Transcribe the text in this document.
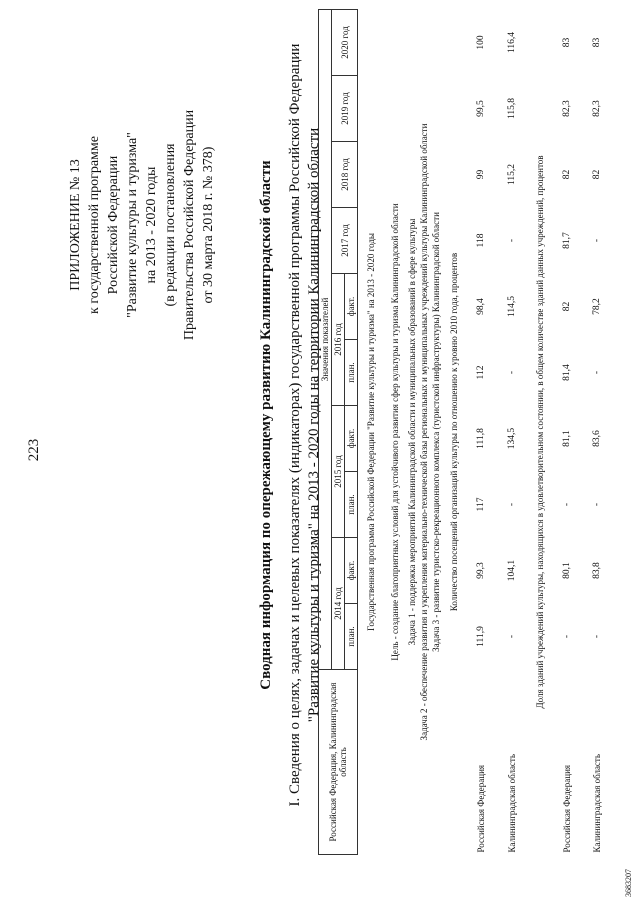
223
ПРИЛОЖЕНИЕ № 13 к государственной программе Российской Федерации "Развитие культуры и туризма" на 2013 - 2020 годы (в редакции постановления Правительства Российской Федерации от 30 марта 2018 г. № 378)	Сводная информация по опережающему развитию Калининградской области I. Сведения о целях, задачах и целевых показателях (индикаторах) государственной программы Российской Федерации "Развитие культуры и туризма" на 2013 - 2020 годы на территории Калининградской области
Российская Федерация, Калининградская область	Значения показателей									
	2014 год		2015 год		2016 год		2017 год	2018 год	2019 год	2020 год
	план.	факт.	план.	факт.	план.	факт.				
Государственная программа Российской Федерации "Развитие культуры и туризма" на 2013 - 2020 годы										
Цель - создание благоприятных условий для устойчивого развития сфер культуры и туризма Калининградской области										
Задача 1 - поддержка мероприятий Калининградской области и муниципальных образований в сфере культуры										
Задача 2 - обеспечение развития и укрепления материально-технической базы региональных и муниципальных учреждений культуры Калининградской области										
Задача 3 - развитие туристско-рекреационного комплекса (туристской инфраструктуры) Калининградской области										
Количество посещений организаций культуры по отношению к уровню 2010 года, процентов										
Российская Федерация	111,9	99,3	117	111,8	112	98,4	118	99	99,5	100
Калининградская область	-	104,1	-	134,5	-	114,5	-	115,2	115,8	116,4
Доля зданий учреждений культуры, находящихся в удовлетворительном состоянии, в общем количестве зданий данных учреждений, процентов										
Российская Федерация	-	80,1	-	81,1	81,4	82	81,7	82	82,3	83
Калининградская область	-	83,8	-	83,6	-	78,2	-	82	82,3	83
3683207
